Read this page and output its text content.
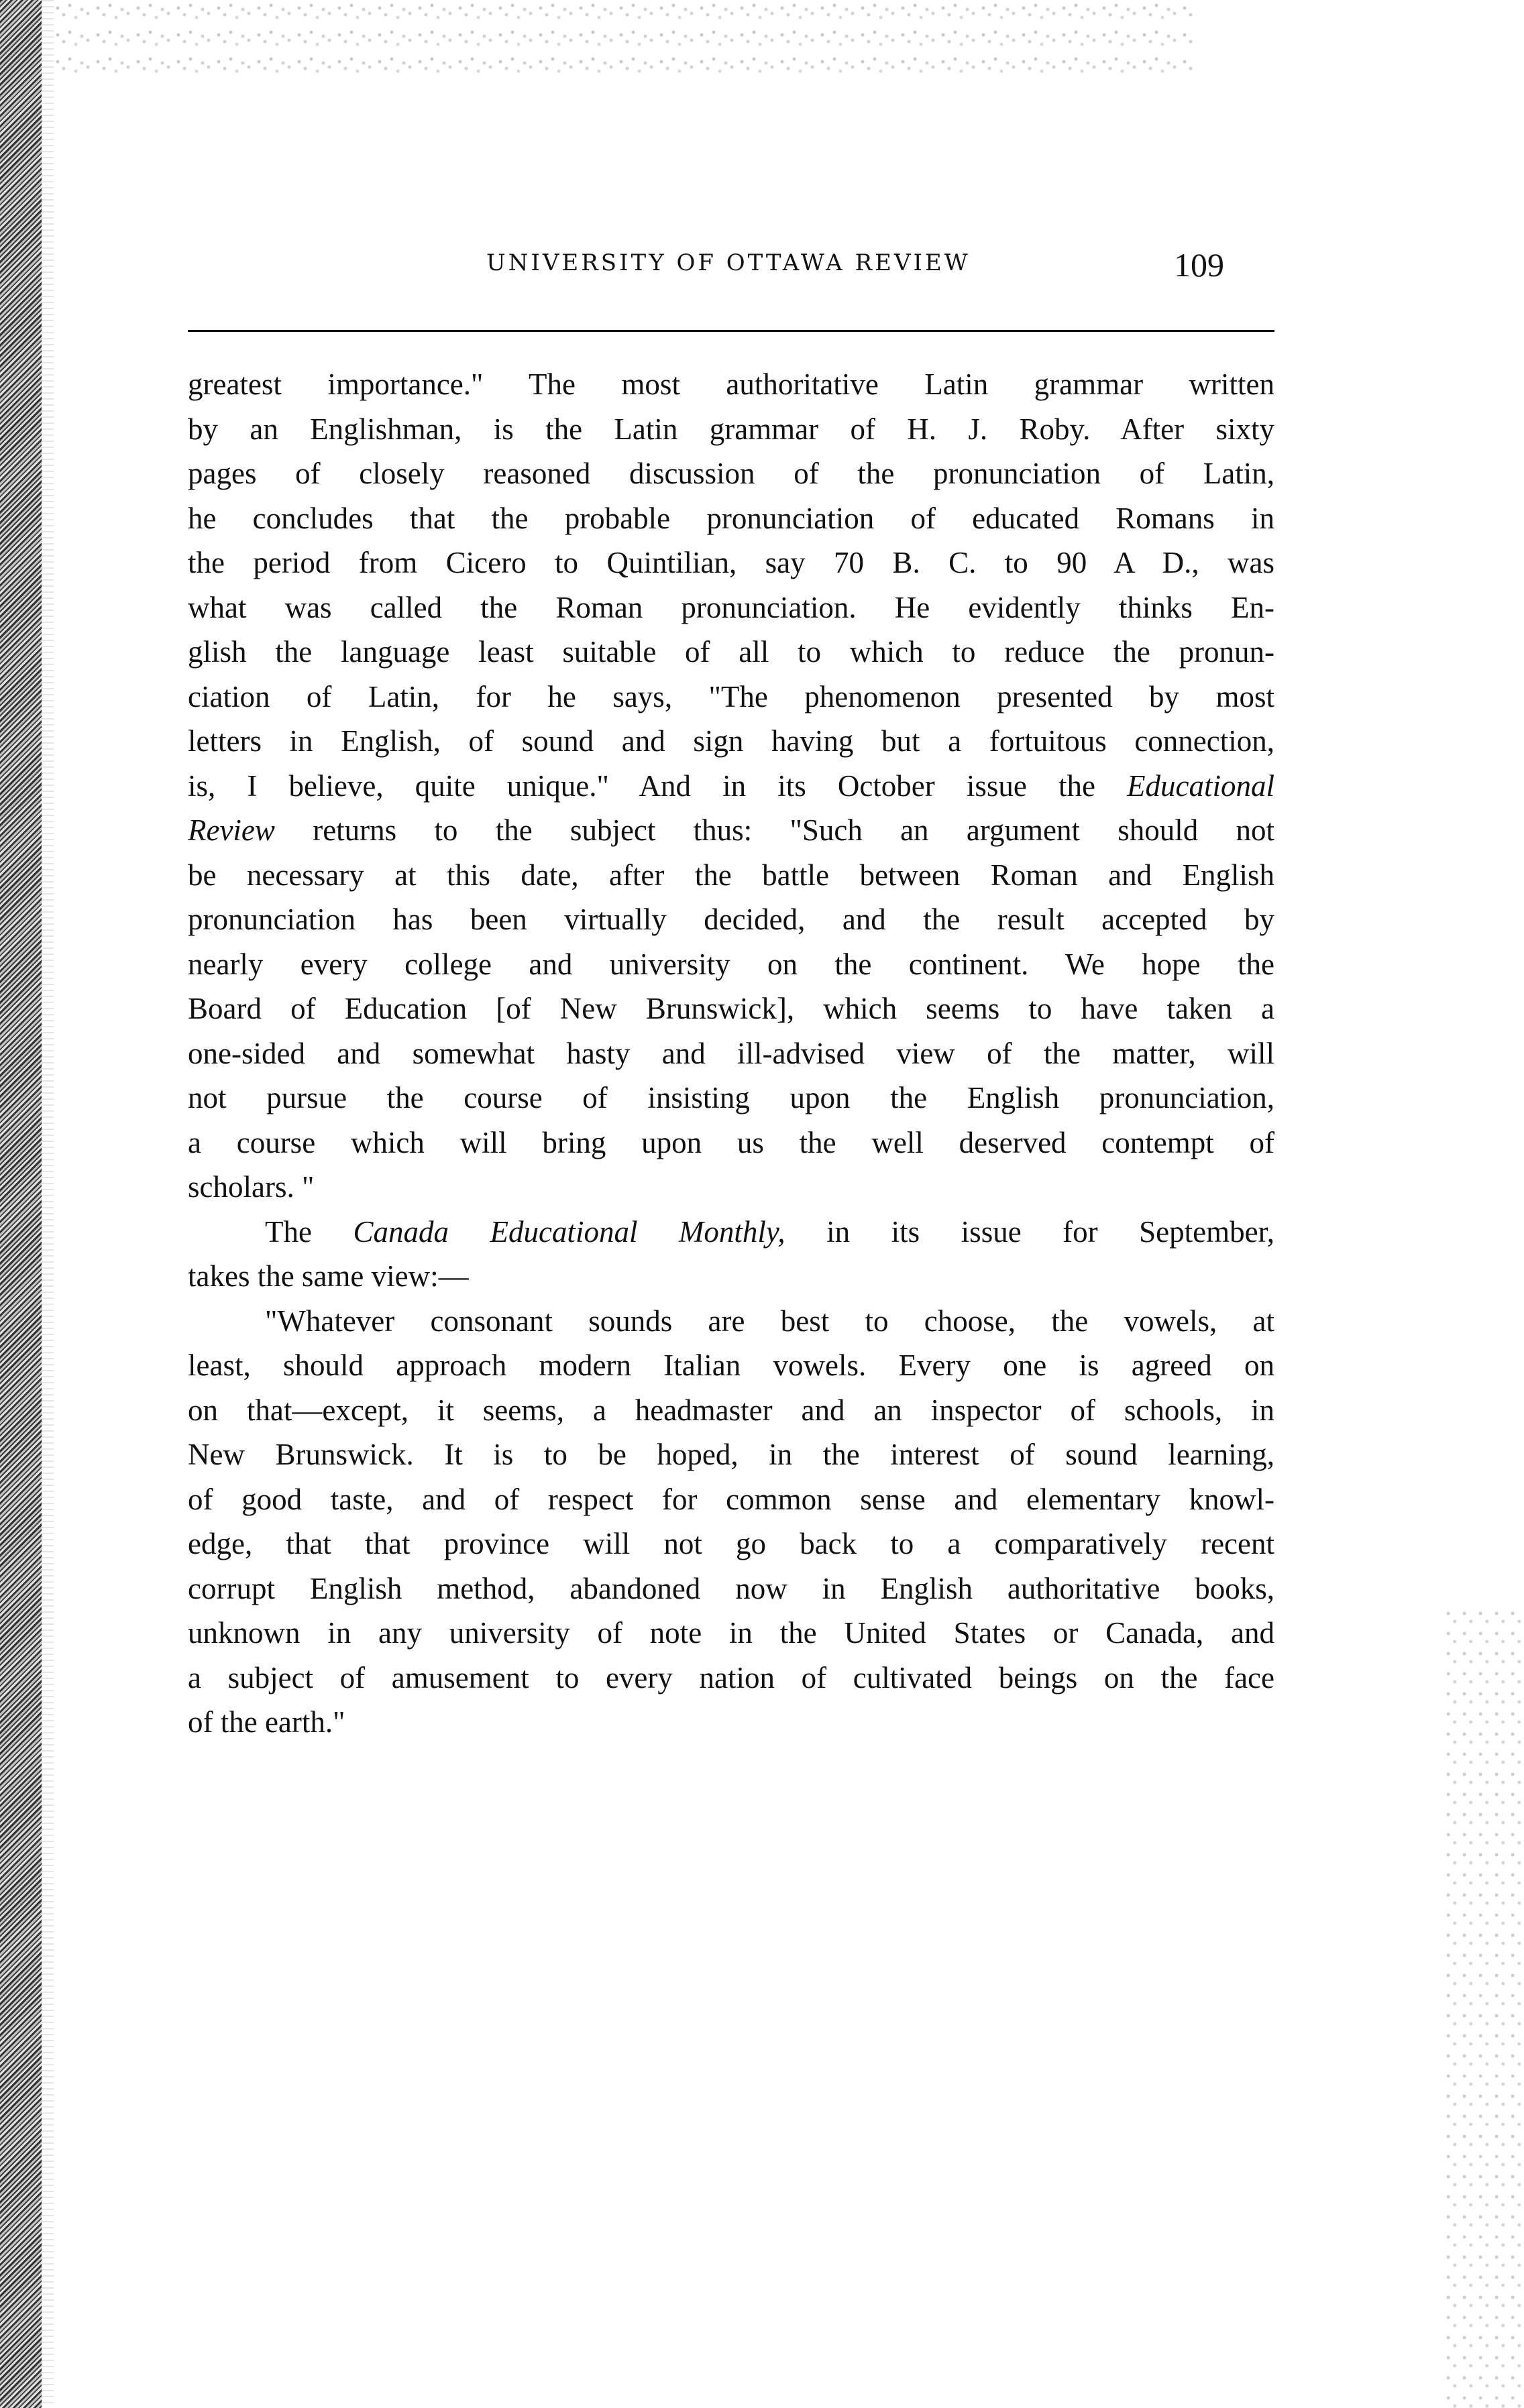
UNIVERSITY OF OTTAWA REVIEW	109
greatest importance." The most authoritative Latin grammar written
by an Englishman, is the Latin grammar of H. J. Roby. After sixty
pages of closely reasoned discussion of the pronunciation of Latin,
he concludes that the probable pronunciation of educated Romans in
the period from Cicero to Quintilian, say 70 B. C. to 90 A D., was
what was called the Roman pronunciation. He evidently thinks En-
glish the language least suitable of all to which to reduce the pronun-
ciation of Latin, for he says, "The phenomenon presented by most
letters in English, of sound and sign having but a fortuitous connection,
is, I believe, quite unique." And in its October issue the Educational
Review returns to the subject thus: "Such an argument should not
be necessary at this date, after the battle between Roman and English
pronunciation has been virtually decided, and the result accepted by
nearly every college and university on the continent. We hope the
Board of Education [of New Brunswick], which seems to have taken a
one-sided and somewhat hasty and ill-advised view of the matter, will
not pursue the course of insisting upon the English pronunciation,
a course which will bring upon us the well deserved contempt of
scholars. "
The Canada Educational Monthly, in its issue for September,
takes the same view:—
"Whatever consonant sounds are best to choose, the vowels, at
least, should approach modern Italian vowels. Every one is agreed on
on that—except, it seems, a headmaster and an inspector of schools, in
New Brunswick. It is to be hoped, in the interest of sound learning,
of good taste, and of respect for common sense and elementary knowl-
edge, that that province will not go back to a comparatively recent
corrupt English method, abandoned now in English authoritative books,
unknown in any university of note in the United States or Canada, and
a subject of amusement to every nation of cultivated beings on the face
of the earth."
